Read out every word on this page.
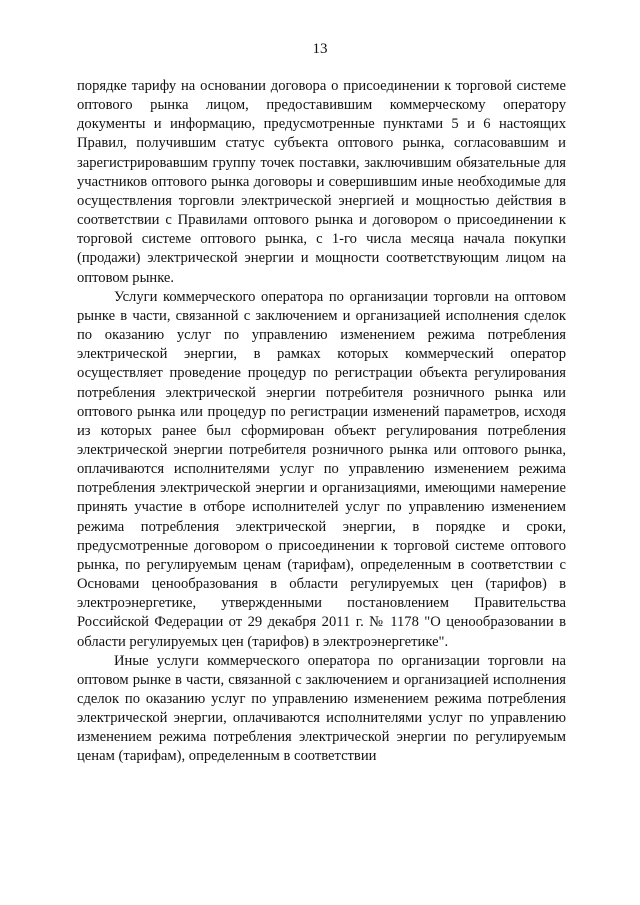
13

порядке тарифу на основании договора о присоединении к торговой системе оптового рынка лицом, предоставившим коммерческому оператору документы и информацию, предусмотренные пунктами 5 и 6 настоящих Правил, получившим статус субъекта оптового рынка, согласовавшим и зарегистрировавшим группу точек поставки, заключившим обязательные для участников оптового рынка договоры и совершившим иные необходимые для осуществления торговли электрической энергией и мощностью действия в соответствии с Правилами оптового рынка и договором о присоединении к торговой системе оптового рынка, с 1-го числа месяца начала покупки (продажи) электрической энергии и мощности соответствующим лицом на оптовом рынке.

Услуги коммерческого оператора по организации торговли на оптовом рынке в части, связанной с заключением и организацией исполнения сделок по оказанию услуг по управлению изменением режима потребления электрической энергии, в рамках которых коммерческий оператор осуществляет проведение процедур по регистрации объекта регулирования потребления электрической энергии потребителя розничного рынка или оптового рынка или процедур по регистрации изменений параметров, исходя из которых ранее был сформирован объект регулирования потребления электрической энергии потребителя розничного рынка или оптового рынка, оплачиваются исполнителями услуг по управлению изменением режима потребления электрической энергии и организациями, имеющими намерение принять участие в отборе исполнителей услуг по управлению изменением режима потребления электрической энергии, в порядке и сроки, предусмотренные договором о присоединении к торговой системе оптового рынка, по регулируемым ценам (тарифам), определенным в соответствии с Основами ценообразования в области регулируемых цен (тарифов) в электроэнергетике, утвержденными постановлением Правительства Российской Федерации от 29 декабря 2011 г. № 1178 "О ценообразовании в области регулируемых цен (тарифов) в электроэнергетике".

Иные услуги коммерческого оператора по организации торговли на оптовом рынке в части, связанной с заключением и организацией исполнения сделок по оказанию услуг по управлению изменением режима потребления электрической энергии, оплачиваются исполнителями услуг по управлению изменением режима потребления электрической энергии по регулируемым ценам (тарифам), определенным в соответствии
